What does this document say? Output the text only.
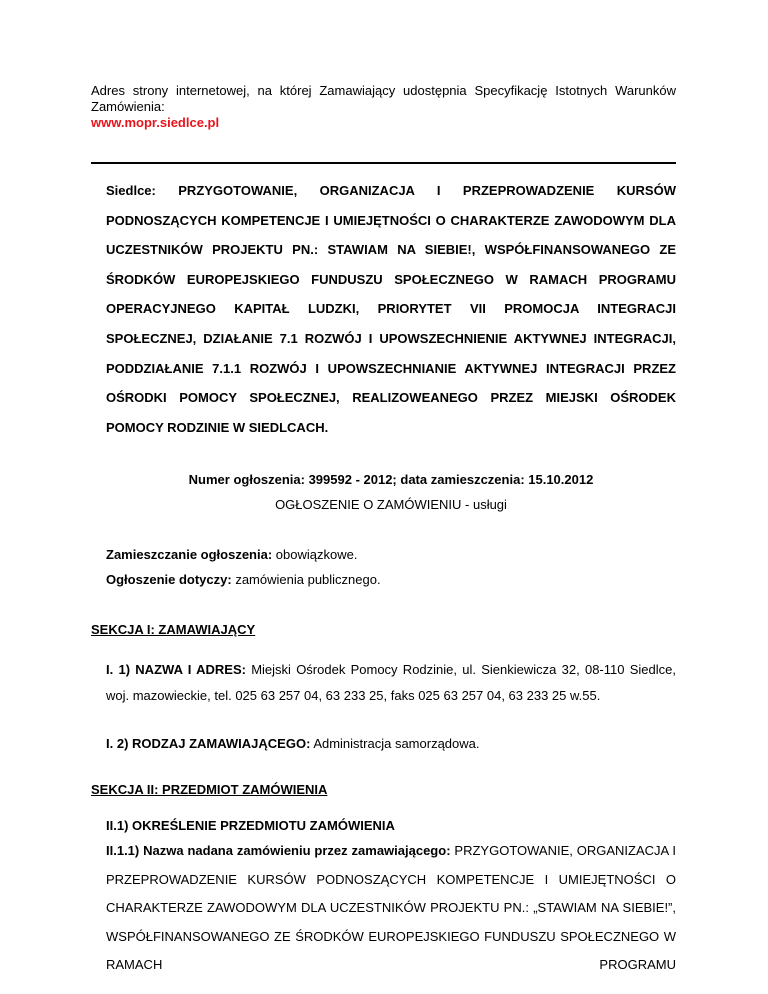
Adres strony internetowej, na której Zamawiający udostępnia Specyfikację Istotnych Warunków Zamówienia:

www.mopr.siedlce.pl

Siedlce: PRZYGOTOWANIE, ORGANIZACJA I PRZEPROWADZENIE KURSÓW PODNOSZĄCYCH KOMPETENCJE I UMIEJĘTNOŚCI O CHARAKTERZE ZAWODOWYM DLA UCZESTNIKÓW PROJEKTU PN.: STAWIAM NA SIEBIE!, WSPÓŁFINANSOWANEGO ZE ŚRODKÓW EUROPEJSKIEGO FUNDUSZU SPOŁECZNEGO W RAMACH PROGRAMU OPERACYJNEGO KAPITAŁ LUDZKI, PRIORYTET VII PROMOCJA INTEGRACJI SPOŁECZNEJ, DZIAŁANIE 7.1 ROZWÓJ I UPOWSZECHNIENIE AKTYWNEJ INTEGRACJI, PODDZIAŁANIE 7.1.1 ROZWÓJ I UPOWSZECHNIANIE AKTYWNEJ INTEGRACJI PRZEZ OŚRODKI POMOCY SPOŁECZNEJ, REALIZOWEANEGO PRZEZ MIEJSKI OŚRODEK POMOCY RODZINIE W SIEDLCACH.

Numer ogłoszenia: 399592 - 2012; data zamieszczenia: 15.10.2012

OGŁOSZENIE O ZAMÓWIENIU - usługi

Zamieszczanie ogłoszenia: obowiązkowe.

Ogłoszenie dotyczy: zamówienia publicznego.

SEKCJA I: ZAMAWIAJĄCY

I. 1) NAZWA I ADRES: Miejski Ośrodek Pomocy Rodzinie, ul. Sienkiewicza 32, 08-110 Siedlce, woj. mazowieckie, tel. 025 63 257 04, 63 233 25, faks 025 63 257 04, 63 233 25 w.55.

I. 2) RODZAJ ZAMAWIAJĄCEGO: Administracja samorządowa.

SEKCJA II: PRZEDMIOT ZAMÓWIENIA

II.1) OKREŚLENIE PRZEDMIOTU ZAMÓWIENIA

II.1.1) Nazwa nadana zamówieniu przez zamawiającego: PRZYGOTOWANIE, ORGANIZACJA I PRZEPROWADZENIE KURSÓW PODNOSZĄCYCH KOMPETENCJE I UMIEJĘTNOŚCI O CHARAKTERZE ZAWODOWYM DLA UCZESTNIKÓW PROJEKTU PN.: „STAWIAM NA SIEBIE!”, WSPÓŁFINANSOWANEGO ZE ŚRODKÓW EUROPEJSKIEGO FUNDUSZU SPOŁECZNEGO W RAMACH PROGRAMU
